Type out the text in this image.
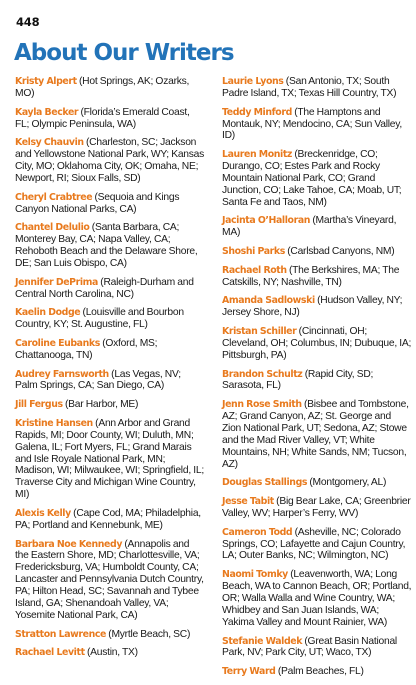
448
About Our Writers

Kristy Alpert (Hot Springs, AK; Ozarks, MO)

Kayla Becker (Florida’s Emerald Coast, FL; Olympic Peninsula, WA)

Kelsy Chauvin (Charleston, SC; Jackson and Yellowstone National Park, WY; Kansas City, MO; Oklahoma City, OK; Omaha, NE; Newport, RI; Sioux Falls, SD)

Cheryl Crabtree (Sequoia and Kings Canyon National Parks, CA)

Chantel Delulio (Santa Barbara, CA; Monterey Bay, CA; Napa Valley, CA; Rehoboth Beach and the Delaware Shore, DE; San Luis Obispo, CA)

Jennifer DePrima (Raleigh-Durham and Central North Carolina, NC)

Kaelin Dodge (Louisville and Bourbon Country, KY; St. Augustine, FL)

Caroline Eubanks (Oxford, MS; Chattanooga, TN)

Audrey Farnsworth (Las Vegas, NV; Palm Springs, CA; San Diego, CA)

Jill Fergus (Bar Harbor, ME)

Kristine Hansen (Ann Arbor and Grand Rapids, MI; Door County, WI; Duluth, MN; Galena, IL; Fort Myers, FL; Grand Marais and Isle Royale National Park, MN; Madison, WI; Milwaukee, WI; Springfield, IL; Traverse City and Michigan Wine Country, MI)

Alexis Kelly (Cape Cod, MA; Philadelphia, PA; Portland and Kennebunk, ME)

Barbara Noe Kennedy (Annapolis and the Eastern Shore, MD; Charlottesville, VA; Fredericksburg, VA; Humboldt County, CA; Lancaster and Pennsylvania Dutch Country, PA; Hilton Head, SC; Savannah and Tybee Island, GA; Shenandoah Valley, VA; Yosemite National Park, CA)

Stratton Lawrence (Myrtle Beach, SC)

Rachael Levitt (Austin, TX)

Laurie Lyons (San Antonio, TX; South Padre Island, TX; Texas Hill Country, TX)

Teddy Minford (The Hamptons and Montauk, NY; Mendocino, CA; Sun Valley, ID)

Lauren Monitz (Breckenridge, CO; Durango, CO; Estes Park and Rocky Mountain National Park, CO; Grand Junction, CO; Lake Tahoe, CA; Moab, UT; Santa Fe and Taos, NM)

Jacinta O’Halloran (Martha’s Vineyard, MA)

Shoshi Parks (Carlsbad Canyons, NM)

Rachael Roth (The Berkshires, MA; The Catskills, NY; Nashville, TN)

Amanda Sadlowski (Hudson Valley, NY; Jersey Shore, NJ)

Kristan Schiller (Cincinnati, OH; Cleveland, OH; Columbus, IN; Dubuque, IA; Pittsburgh, PA)

Brandon Schultz (Rapid City, SD; Sarasota, FL)

Jenn Rose Smith (Bisbee and Tombstone, AZ; Grand Canyon, AZ; St. George and Zion National Park, UT; Sedona, AZ; Stowe and the Mad River Valley, VT; White Mountains, NH; White Sands, NM; Tucson, AZ)

Douglas Stallings (Montgomery, AL)

Jesse Tabit (Big Bear Lake, CA; Greenbrier Valley, WV; Harper’s Ferry, WV)

Cameron Todd (Asheville, NC; Colorado Springs, CO; Lafayette and Cajun Country, LA; Outer Banks, NC; Wilmington, NC)

Naomi Tomky (Leavenworth, WA; Long Beach, WA to Cannon Beach, OR; Portland, OR; Walla Walla and Wine Country, WA; Whidbey and San Juan Islands, WA; Yakima Valley and Mount Rainier, WA)

Stefanie Waldek (Great Basin National Park, NV; Park City, UT; Waco, TX)

Terry Ward (Palm Beaches, FL)
